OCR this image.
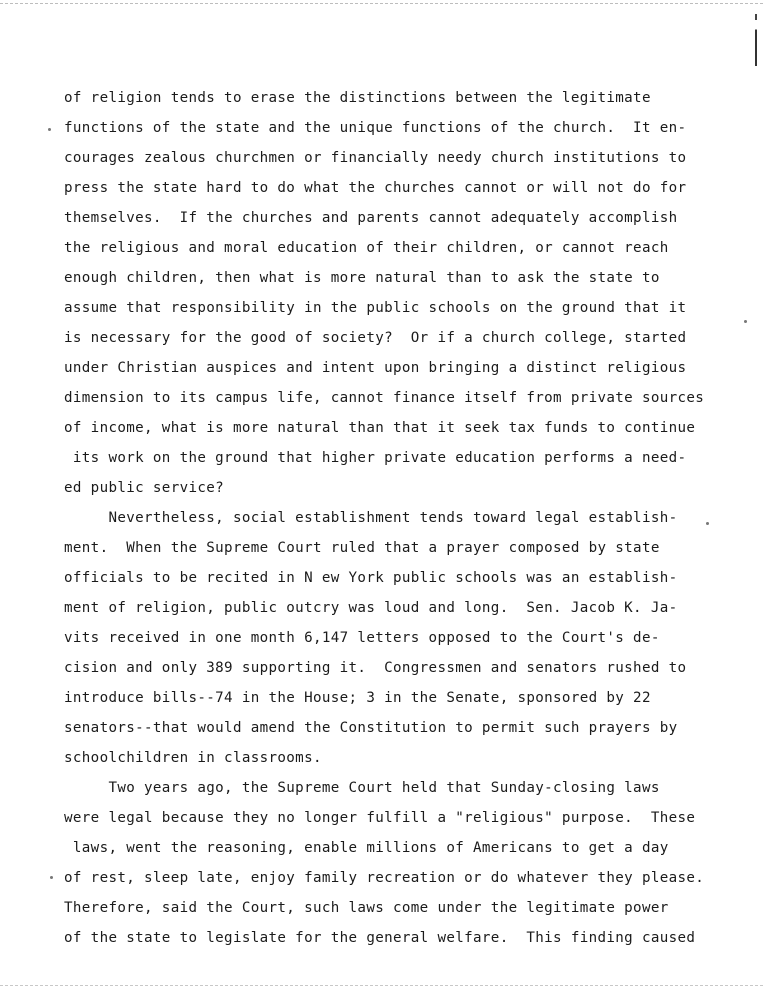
of religion tends to erase the distinctions between the legitimate
functions of the state and the unique functions of the church.  It en-
courages zealous churchmen or financially needy church institutions to
press the state hard to do what the churches cannot or will not do for
themselves.  If the churches and parents cannot adequately accomplish
the religious and moral education of their children, or cannot reach
enough children, then what is more natural than to ask the state to
assume that responsibility in the public schools on the ground that it
is necessary for the good of society?  Or if a church college, started
under Christian auspices and intent upon bringing a distinct religious
dimension to its campus life, cannot finance itself from private sources
of income, what is more natural than that it seek tax funds to continue
its work on the ground that higher private education performs a need-
ed public service?
Nevertheless, social establishment tends toward legal establish-
ment.  When the Supreme Court ruled that a prayer composed by state
officials to be recited in N ew York public schools was an establish-
ment of religion, public outcry was loud and long.  Sen. Jacob K. Ja-
vits received in one month 6,147 letters opposed to the Court's de-
cision and only 389 supporting it.  Congressmen and senators rushed to
introduce bills--74 in the House; 3 in the Senate, sponsored by 22
senators--that would amend the Constitution to permit such prayers by
schoolchildren in classrooms.
Two years ago, the Supreme Court held that Sunday-closing laws
were legal because they no longer fulfill a "religious" purpose.  These
laws, went the reasoning, enable millions of Americans to get a day
of rest, sleep late, enjoy family recreation or do whatever they please.
Therefore, said the Court, such laws come under the legitimate power
of the state to legislate for the general welfare.  This finding caused
